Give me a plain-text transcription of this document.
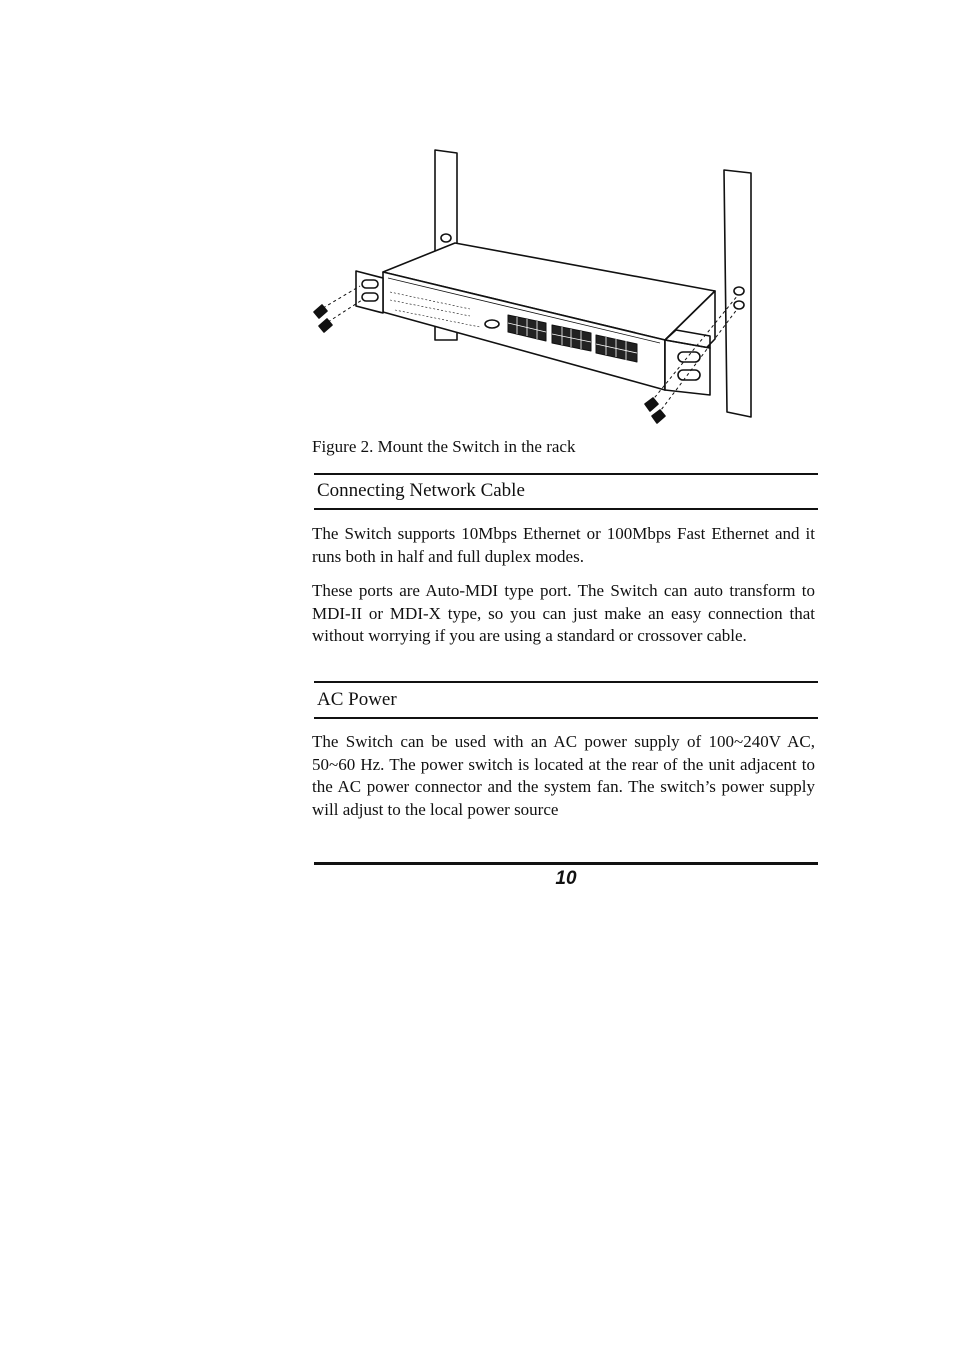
Figure 2. Mount the Switch in the rack
Connecting Network Cable

The Switch supports 10Mbps Ethernet or 100Mbps Fast Ethernet and it runs both in half and full duplex modes.

These ports are Auto-MDI type port. The Switch can auto transform to MDI-II or MDI-X type, so you can just make an easy connection that without worrying if you are using a standard or crossover cable.

AC Power

The Switch can be used with an AC power supply of 100~240V AC, 50~60 Hz. The power switch is located at the rear of the unit adjacent to the AC power connector and the system fan. The switch’s power supply will adjust to the local power source

10
